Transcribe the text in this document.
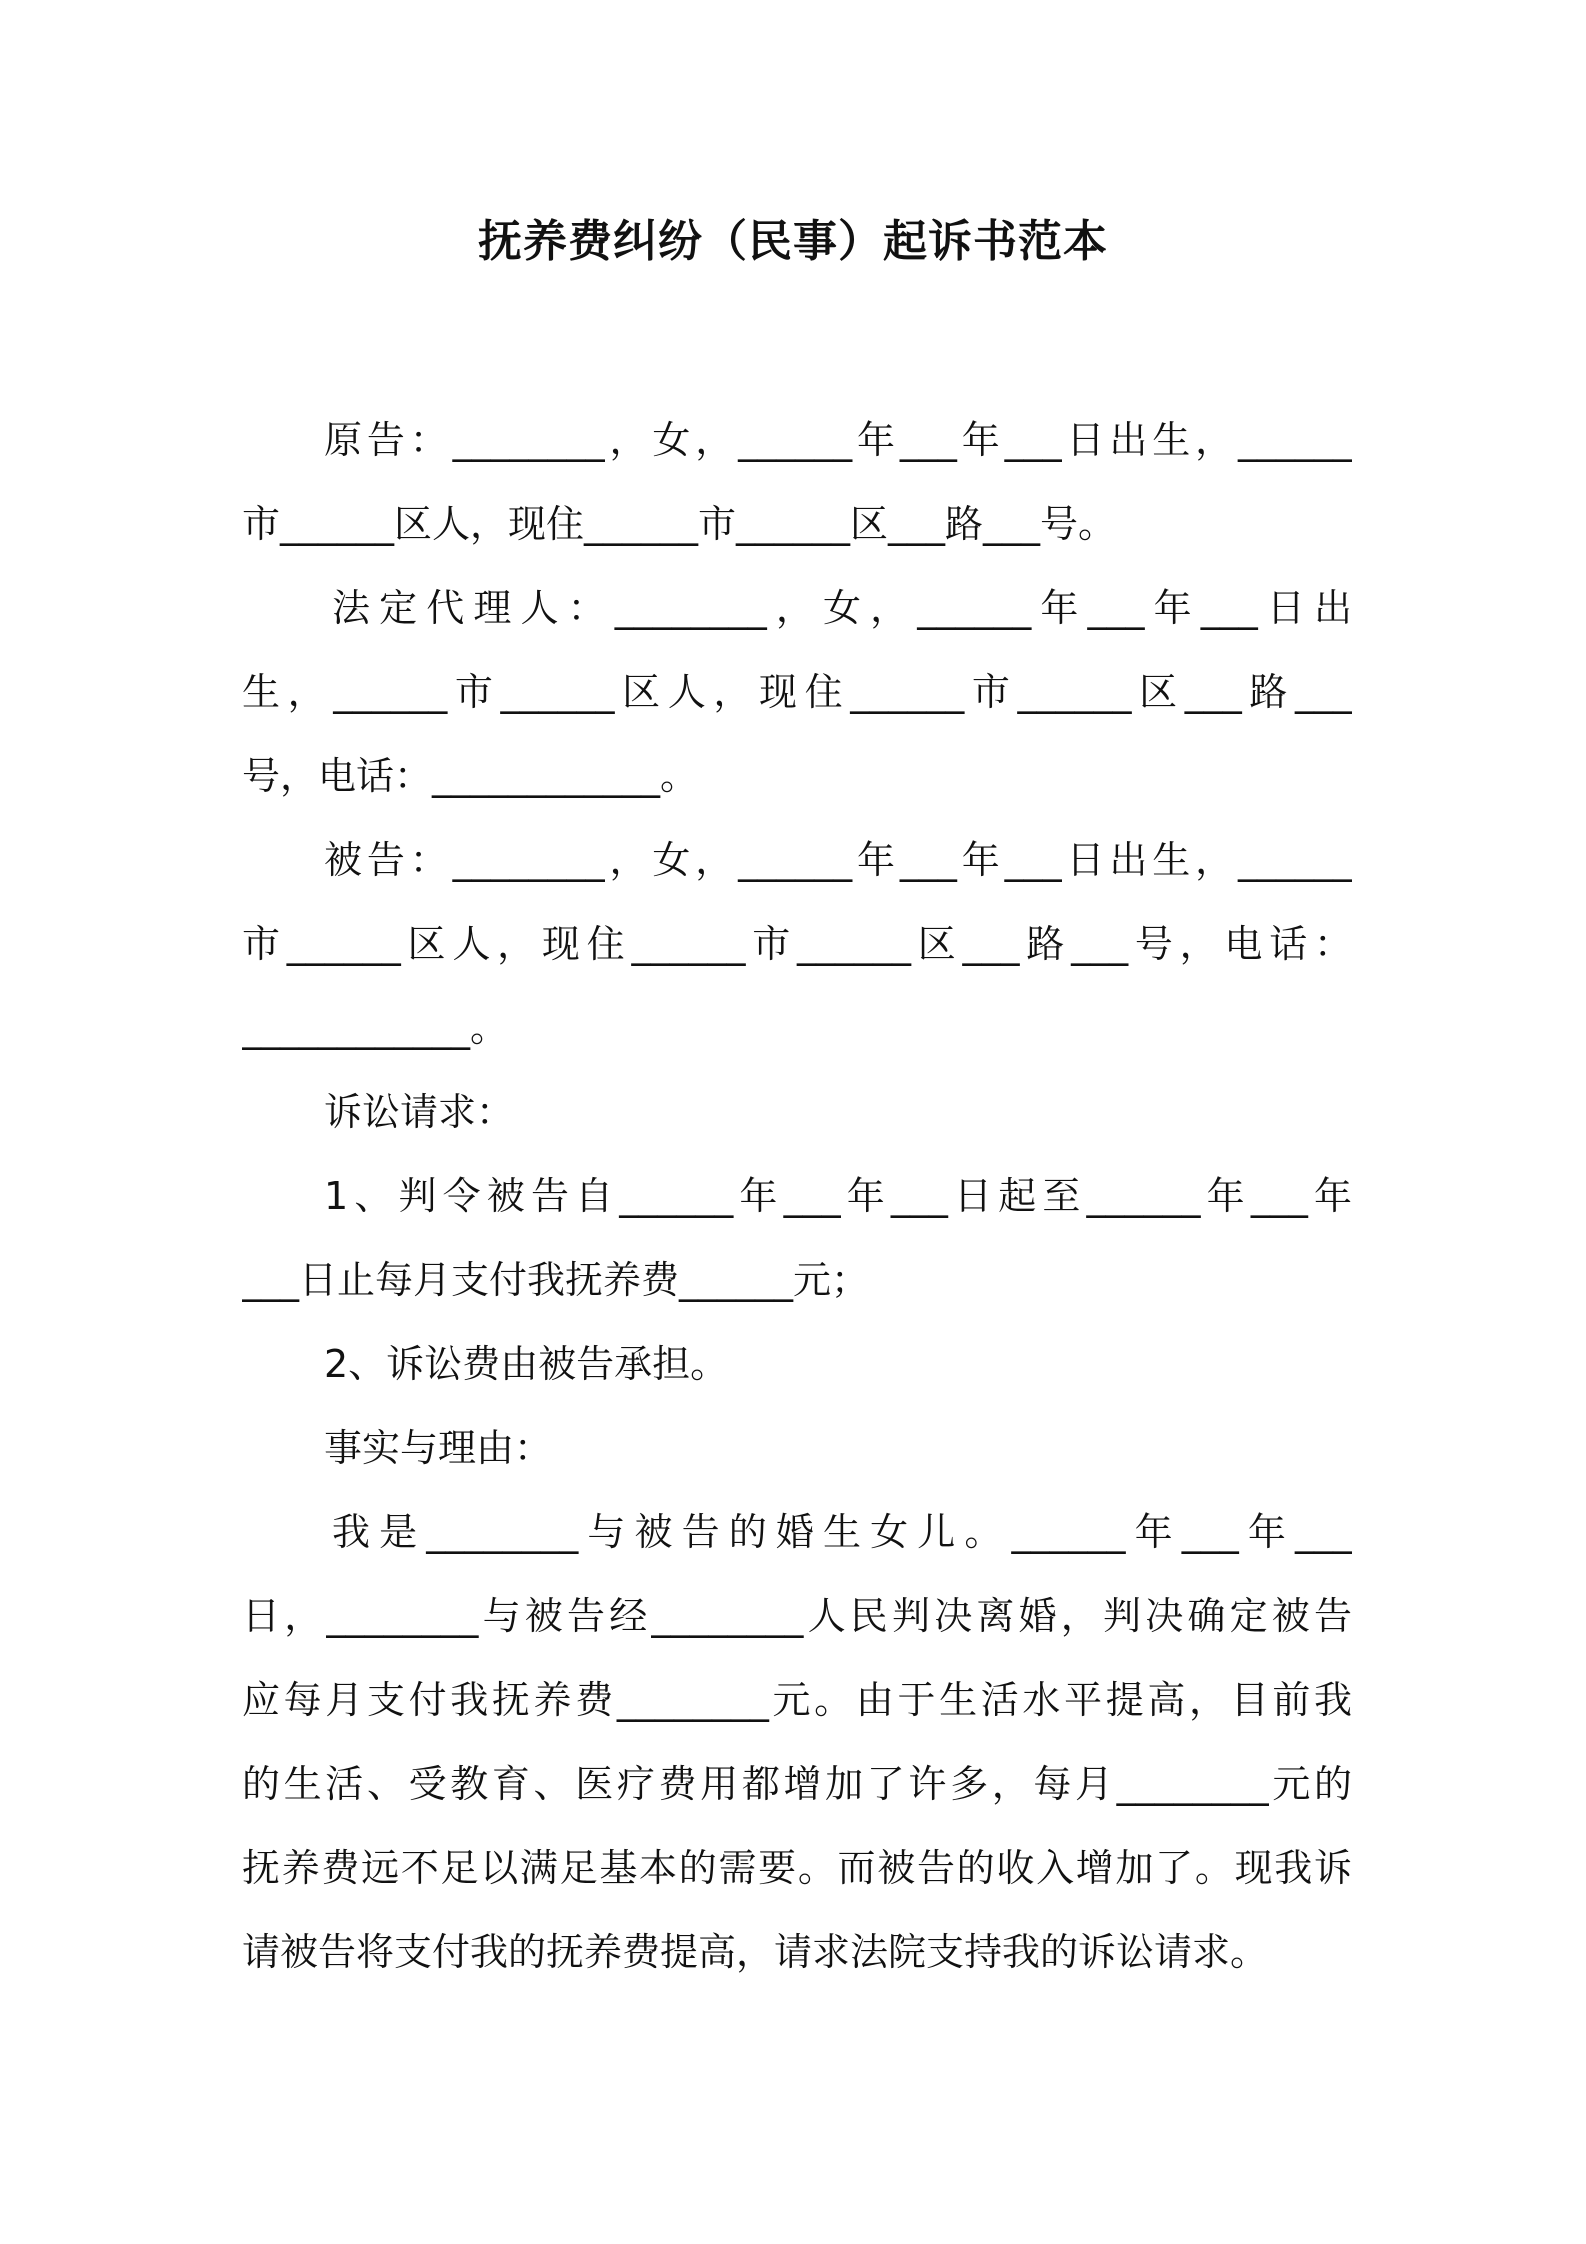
抚养费纠纷（民事）起诉书范本
原告：________，女，______年___年___日出生，______
市______区人，现住______市______区___路___号。
法定代理人：________，女，______年___年___日出
生，______市______区人，现住______市______区___路___
号，电话：____________。
被告：________，女，______年___年___日出生，______
市______区人，现住______市______区___路___号，电话：
____________。
诉讼请求：
1、判令被告自______年___年___日起至______年___年
___日止每月支付我抚养费______元；
2、诉讼费由被告承担。
事实与理由：
我是________与被告的婚生女儿。______年___年___
日，________与被告经________人民判决离婚，判决确定被告
应每月支付我抚养费________元。由于生活水平提高，目前我
的生活、受教育、医疗费用都增加了许多，每月________元的
抚养费远不足以满足基本的需要。而被告的收入增加了。现我诉
请被告将支付我的抚养费提高，请求法院支持我的诉讼请求。
